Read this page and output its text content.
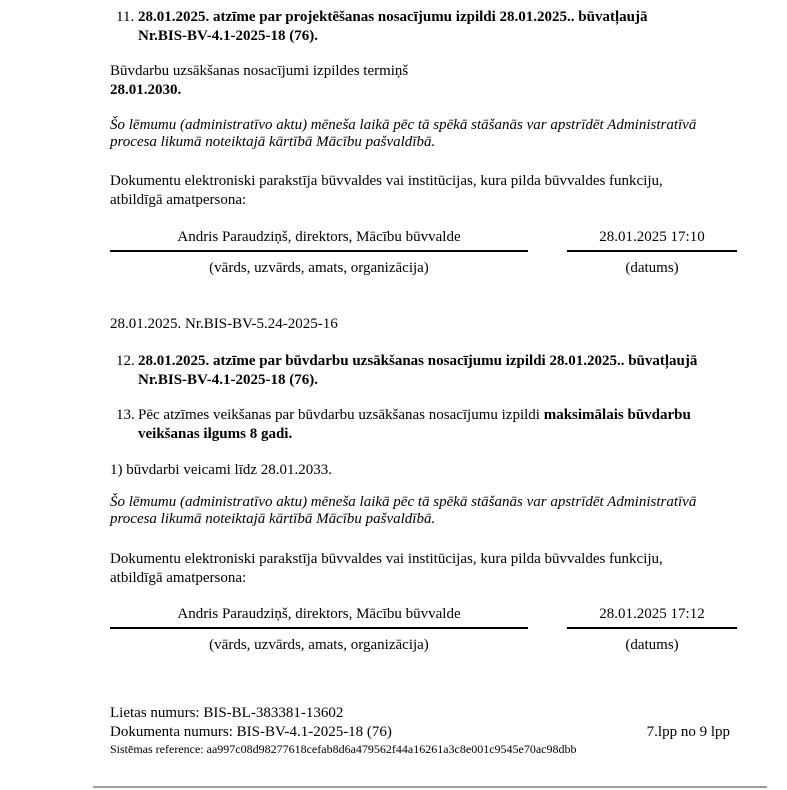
11. 28.01.2025. atzīme par projektēšanas nosacījumu izpildi 28.01.2025.. būvatļaujā
Nr.BIS-BV-4.1-2025-18 (76).
Būvdarbu uzsākšanas nosacījumi izpildes termiņš
28.01.2030.
Šo lēmumu (administratīvo aktu) mēneša laikā pēc tā spēkā stāšanās var apstrīdēt Administratīvā
procesa likumā noteiktajā kārtībā Mācību pašvaldībā.
Dokumentu elektroniski parakstīja būvvaldes vai institūcijas, kura pilda būvvaldes funkciju,
atbildīgā amatpersona:
Andris Paraudziņš, direktors, Mācību būvvalde
(vārds, uzvārds, amats, organizācija)
28.01.2025 17:10
(datums)
28.01.2025. Nr.BIS-BV-5.24-2025-16
12. 28.01.2025. atzīme par būvdarbu uzsākšanas nosacījumu izpildi 28.01.2025.. būvatļaujā
Nr.BIS-BV-4.1-2025-18 (76).
13. Pēc atzīmes veikšanas par būvdarbu uzsākšanas nosacījumu izpildi maksimālais būvdarbu
veikšanas ilgums 8 gadi.
1) būvdarbi veicami līdz 28.01.2033.
Šo lēmumu (administratīvo aktu) mēneša laikā pēc tā spēkā stāšanās var apstrīdēt Administratīvā
procesa likumā noteiktajā kārtībā Mācību pašvaldībā.
Dokumentu elektroniski parakstīja būvvaldes vai institūcijas, kura pilda būvvaldes funkciju,
atbildīgā amatpersona:
Andris Paraudziņš, direktors, Mācību būvvalde
(vārds, uzvārds, amats, organizācija)
28.01.2025 17:12
(datums)
Lietas numurs: BIS-BL-383381-13602
Dokumenta numurs: BIS-BV-4.1-2025-18 (76)	7.lpp no 9 lpp
Sistēmas reference: aa997c08d98277618cefab8d6a479562f44a16261a3c8e001c9545e70ac98dbb
